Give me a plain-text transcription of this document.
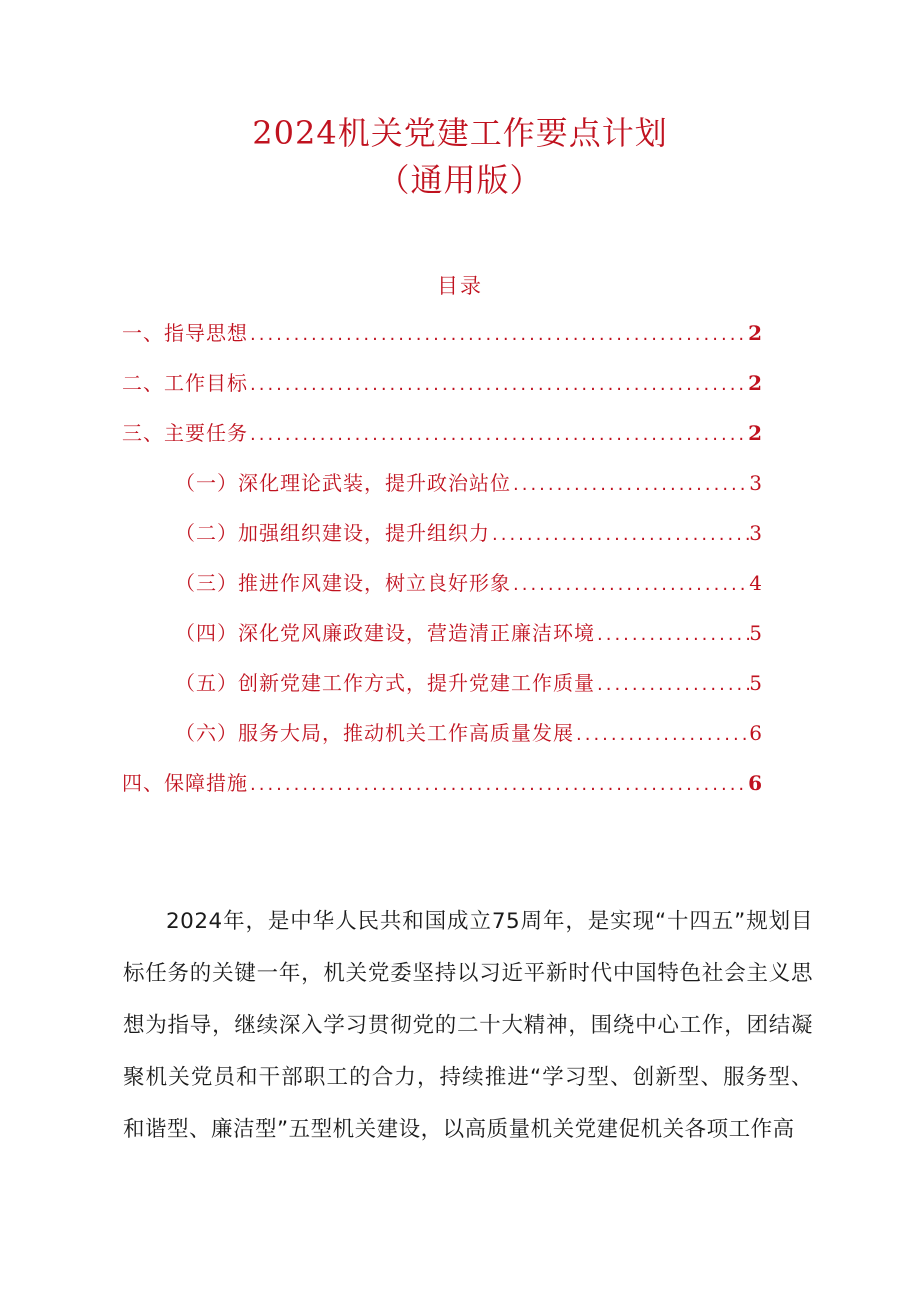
2024机关党建工作要点计划
（通用版）
目录
一、指导思想 .....	2
二、工作目标 .....	2
三、主要任务 .....	2
（一）深化理论武装，提升政治站位 .....	3
（二）加强组织建设，提升组织力 .....	3
（三）推进作风建设，树立良好形象 .....	4
（四）深化党风廉政建设，营造清正廉洁环境 .....	5
（五）创新党建工作方式，提升党建工作质量 .....	5
（六）服务大局，推动机关工作高质量发展 .....	6
四、保障措施 .....	6

2024年，是中华人民共和国成立75周年，是实现“十四五”规划目标任务的关键一年，机关党委坚持以习近平新时代中国特色社会主义思想为指导，继续深入学习贯彻党的二十大精神，围绕中心工作，团结凝聚机关党员和干部职工的合力，持续推进“学习型、创新型、服务型、和谐型、廉洁型”五型机关建设，以高质量机关党建促机关各项工作高
